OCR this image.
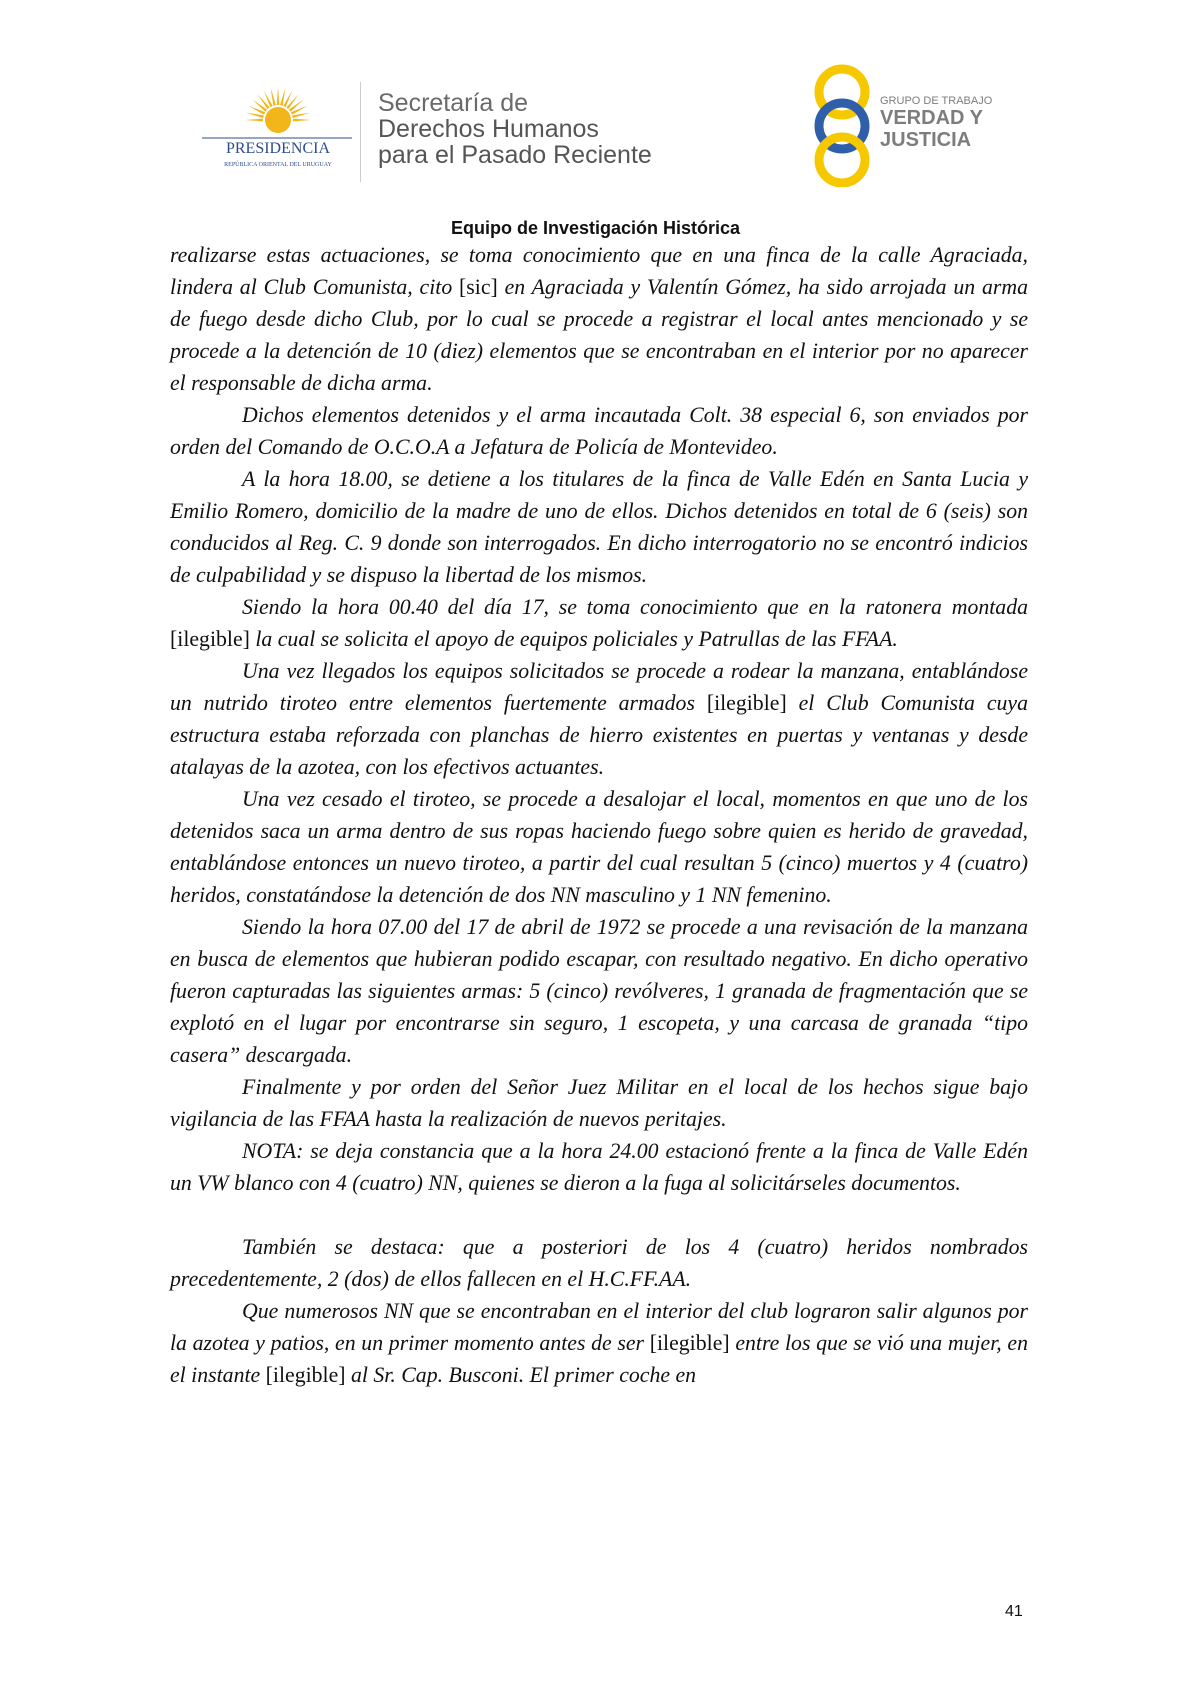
PRESIDENCIA
REPÚBLICA ORIENTAL DEL URUGUAY
Secretaría de
Derechos Humanos
para el Pasado Reciente
GRUPO DE TRABAJO
VERDAD Y
JUSTICIA
Equipo de Investigación Histórica

realizarse estas actuaciones, se toma conocimiento que en una finca de la calle Agraciada, lindera al Club Comunista, cito [sic] en Agraciada y Valentín Gómez, ha sido arrojada un arma de fuego desde dicho Club, por lo cual se procede a registrar el local antes mencionado y se procede a la detención de 10 (diez) elementos que se encontraban en el interior por no aparecer el responsable de dicha arma.

Dichos elementos detenidos y el arma incautada Colt. 38 especial 6, son enviados por orden del Comando de O.C.O.A a Jefatura de Policía de Montevideo.

A la hora 18.00, se detiene a los titulares de la finca de Valle Edén en Santa Lucia y Emilio Romero, domicilio de la madre de uno de ellos. Dichos detenidos en total de 6 (seis) son conducidos al Reg. C. 9 donde son interrogados. En dicho interrogatorio no se encontró indicios de culpabilidad y se dispuso la libertad de los mismos.

Siendo la hora 00.40 del día 17, se toma conocimiento que en la ratonera montada [ilegible] la cual se solicita el apoyo de equipos policiales y Patrullas de las FFAA.

Una vez llegados los equipos solicitados se procede a rodear la manzana, entablándose un nutrido tiroteo entre elementos fuertemente armados [ilegible] el Club Comunista cuya estructura estaba reforzada con planchas de hierro existentes en puertas y ventanas y desde atalayas de la azotea, con los efectivos actuantes.

Una vez cesado el tiroteo, se procede a desalojar el local, momentos en que uno de los detenidos saca un arma dentro de sus ropas haciendo fuego sobre quien es herido de gravedad, entablándose entonces un nuevo tiroteo, a partir del cual resultan 5 (cinco) muertos y 4 (cuatro) heridos, constatándose la detención de dos NN masculino y 1 NN femenino.

Siendo la hora 07.00 del 17 de abril de 1972 se procede a una revisación de la manzana en busca de elementos que hubieran podido escapar, con resultado negativo. En dicho operativo fueron capturadas las siguientes armas: 5 (cinco) revólveres, 1 granada de fragmentación que se explotó en el lugar por encontrarse sin seguro, 1 escopeta, y una carcasa de granada “tipo casera” descargada.

Finalmente y por orden del Señor Juez Militar en el local de los hechos sigue bajo vigilancia de las FFAA hasta la realización de nuevos peritajes.

NOTA: se deja constancia que a la hora 24.00 estacionó frente a la finca de Valle Edén un VW blanco con 4 (cuatro) NN, quienes se dieron a la fuga al solicitárseles documentos.

También se destaca: que a posteriori de los 4 (cuatro) heridos nombrados precedentemente, 2 (dos) de ellos fallecen en el H.C.FF.AA.

Que numerosos NN que se encontraban en el interior del club lograron salir algunos por la azotea y patios, en un primer momento antes de ser [ilegible] entre los que se vió una mujer, en el instante [ilegible] al Sr. Cap. Busconi. El primer coche en

41
